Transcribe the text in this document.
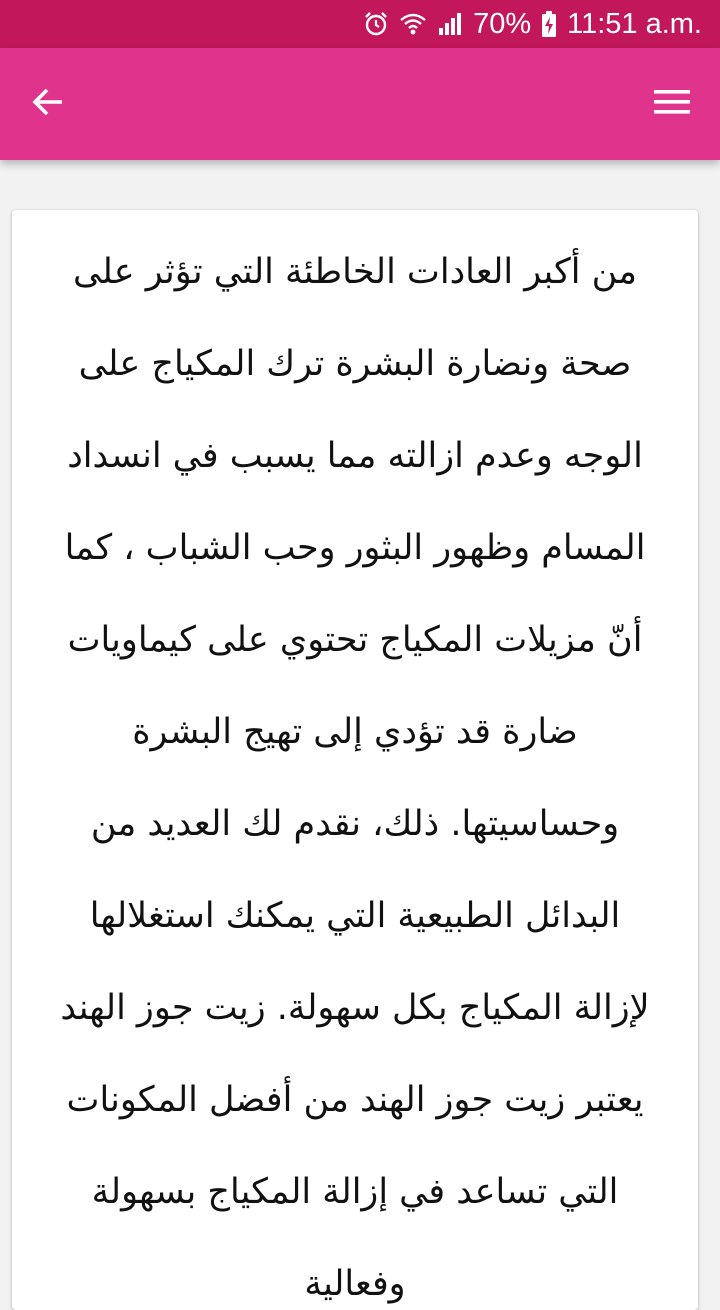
70% 11:51 a.m.

من أكبر العادات الخاطئة التي تؤثر على صحة ونضارة البشرة ترك المكياج على الوجه وعدم ازالته مما يسبب في انسداد المسام وظهور البثور وحب الشباب ، كما أنّ مزيلات المكياج تحتوي على كيماويات ضارة قد تؤدي إلى تهيج البشرة وحساسيتها. ذلك، نقدم لك العديد من البدائل الطبيعية التي يمكنك استغلالها لإزالة المكياج بكل سهولة. زيت جوز الهند يعتبر زيت جوز الهند من أفضل المكونات التي تساعد في إزالة المكياج بسهولة وفعالية
